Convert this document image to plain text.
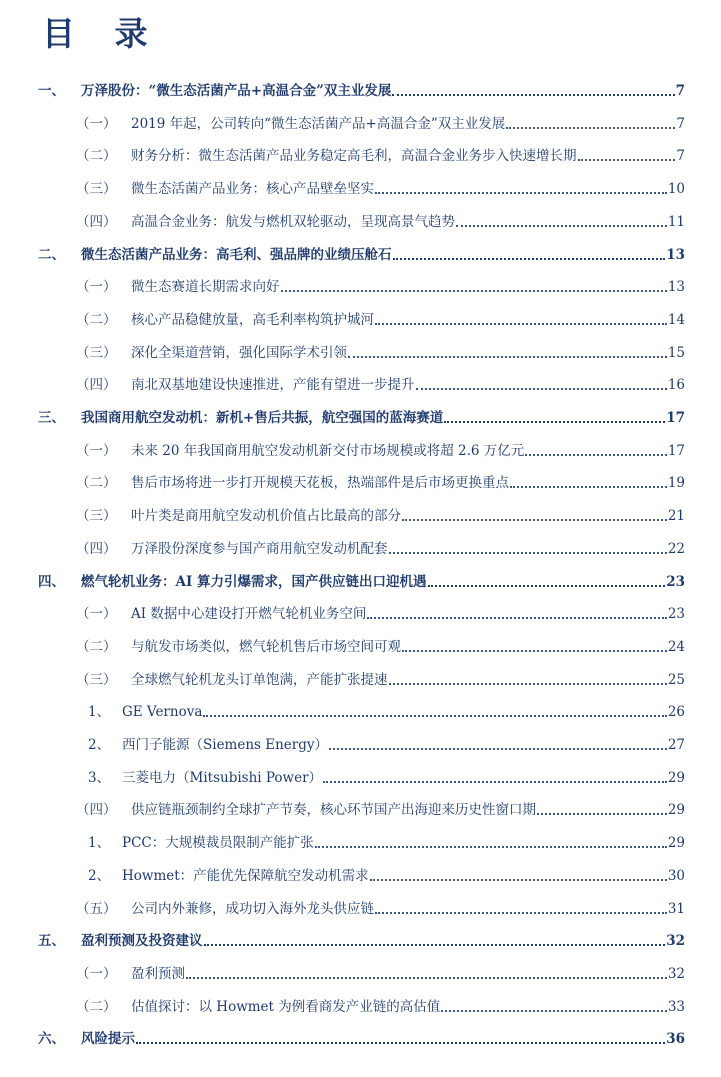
目 录
一、	万泽股份：“微生态活菌产品+高温合金”双主业发展	7
（一）	2019 年起，公司转向“微生态活菌产品+高温合金”双主业发展	7
（二）	财务分析：微生态活菌产品业务稳定高毛利，高温合金业务步入快速增长期	7
（三）	微生态活菌产品业务：核心产品壁垒坚实	10
（四）	高温合金业务：航发与燃机双轮驱动，呈现高景气趋势	11
二、	微生态活菌产品业务：高毛利、强品牌的业绩压舱石	13
（一）	微生态赛道长期需求向好	13
（二）	核心产品稳健放量，高毛利率构筑护城河	14
（三）	深化全渠道营销，强化国际学术引领	15
（四）	南北双基地建设快速推进，产能有望进一步提升	16
三、	我国商用航空发动机：新机+售后共振，航空强国的蓝海赛道	17
（一）	未来 20 年我国商用航空发动机新交付市场规模或将超 2.6 万亿元	17
（二）	售后市场将进一步打开规模天花板，热端部件是后市场更换重点	19
（三）	叶片类是商用航空发动机价值占比最高的部分	21
（四）	万泽股份深度参与国产商用航空发动机配套	22
四、	燃气轮机业务：AI 算力引爆需求，国产供应链出口迎机遇	23
（一）	AI 数据中心建设打开燃气轮机业务空间	23
（二）	与航发市场类似，燃气轮机售后市场空间可观	24
（三）	全球燃气轮机龙头订单饱满，产能扩张提速	25
1、 GE Vernova	26
2、 西门子能源（Siemens Energy）	27
3、 三菱电力（Mitsubishi Power）	29
（四）	供应链瓶颈制约全球扩产节奏，核心环节国产出海迎来历史性窗口期	29
1、 PCC：大规模裁员限制产能扩张	29
2、 Howmet：产能优先保障航空发动机需求	30
（五）	公司内外兼修，成功切入海外龙头供应链	31
五、	盈利预测及投资建议	32
（一）	盈利预测	32
（二）	估值探讨：以 Howmet 为例看商发产业链的高估值	33
六、	风险提示	36
